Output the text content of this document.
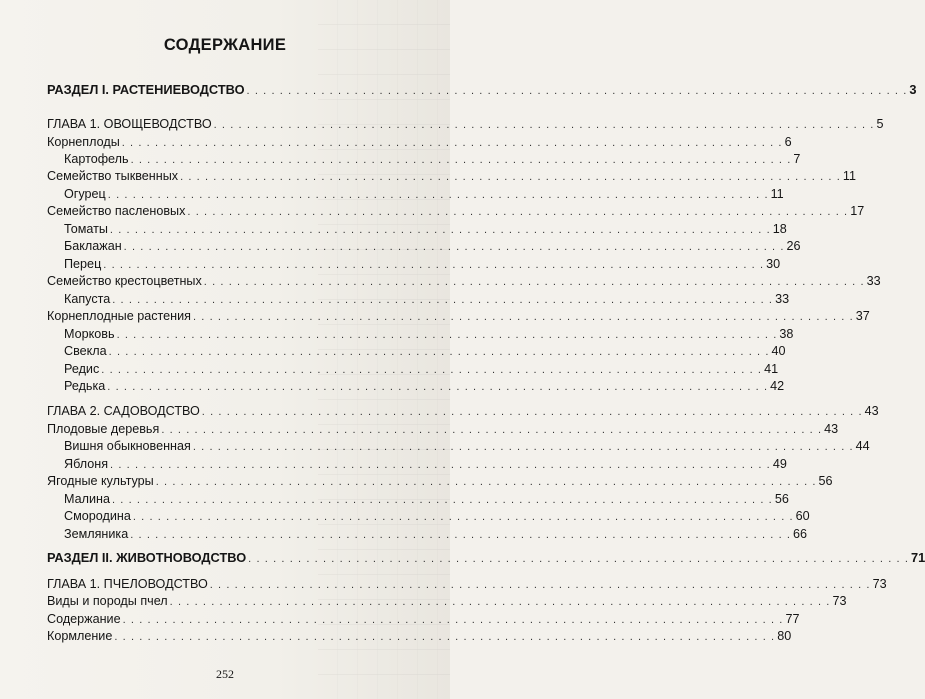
СОДЕРЖАНИЕ
РАЗДЕЛ I. РАСТЕНИЕВОДСТВО . . . . . . . . . . . . . . . . . . . . . . . . . . . . . . . . . . . . . . . . . . . . . . . . . . . . . . . . . . . . . . . . . . . . . . . . . . . . . . . . 3
ГЛАВА 1. ОВОЩЕВОДСТВО . . . . . . . . . . . . . . . . . . . . . . . . . . . . . . . . . . . . . . . . . . . . . . . . . . . . . . . . . . . . . . . . . . . . . . . . . . . . . . . . 5
Корнеплоды . . . . . . . . . . . . . . . . . . . . . . . . . . . . . . . . . . . . . . . . . . . . . . . . . . . . . . . . . . . . . . . . . . . . . . . . . . . . . . . . 6
Картофель . . . . . . . . . . . . . . . . . . . . . . . . . . . . . . . . . . . . . . . . . . . . . . . . . . . . . . . . . . . . . . . . . . . . . . . . . . . . . . . . 7
Семейство тыквенных . . . . . . . . . . . . . . . . . . . . . . . . . . . . . . . . . . . . . . . . . . . . . . . . . . . . . . . . . . . . . . . . . . . . . . . . . . . . . . . . 11
Огурец . . . . . . . . . . . . . . . . . . . . . . . . . . . . . . . . . . . . . . . . . . . . . . . . . . . . . . . . . . . . . . . . . . . . . . . . . . . . . . . . 11
Семейство пасленовых . . . . . . . . . . . . . . . . . . . . . . . . . . . . . . . . . . . . . . . . . . . . . . . . . . . . . . . . . . . . . . . . . . . . . . . . . . . . . . . . 17
Томаты . . . . . . . . . . . . . . . . . . . . . . . . . . . . . . . . . . . . . . . . . . . . . . . . . . . . . . . . . . . . . . . . . . . . . . . . . . . . . . . . 18
Баклажан . . . . . . . . . . . . . . . . . . . . . . . . . . . . . . . . . . . . . . . . . . . . . . . . . . . . . . . . . . . . . . . . . . . . . . . . . . . . . . . . 26
Перец . . . . . . . . . . . . . . . . . . . . . . . . . . . . . . . . . . . . . . . . . . . . . . . . . . . . . . . . . . . . . . . . . . . . . . . . . . . . . . . . 30
Семейство крестоцветных . . . . . . . . . . . . . . . . . . . . . . . . . . . . . . . . . . . . . . . . . . . . . . . . . . . . . . . . . . . . . . . . . . . . . . . . . . . . . . . . 33
Капуста . . . . . . . . . . . . . . . . . . . . . . . . . . . . . . . . . . . . . . . . . . . . . . . . . . . . . . . . . . . . . . . . . . . . . . . . . . . . . . . . 33
Корнеплодные растения . . . . . . . . . . . . . . . . . . . . . . . . . . . . . . . . . . . . . . . . . . . . . . . . . . . . . . . . . . . . . . . . . . . . . . . . . . . . . . . . 37
Морковь . . . . . . . . . . . . . . . . . . . . . . . . . . . . . . . . . . . . . . . . . . . . . . . . . . . . . . . . . . . . . . . . . . . . . . . . . . . . . . . . 38
Свекла . . . . . . . . . . . . . . . . . . . . . . . . . . . . . . . . . . . . . . . . . . . . . . . . . . . . . . . . . . . . . . . . . . . . . . . . . . . . . . . . 40
Редис . . . . . . . . . . . . . . . . . . . . . . . . . . . . . . . . . . . . . . . . . . . . . . . . . . . . . . . . . . . . . . . . . . . . . . . . . . . . . . . . 41
Редька . . . . . . . . . . . . . . . . . . . . . . . . . . . . . . . . . . . . . . . . . . . . . . . . . . . . . . . . . . . . . . . . . . . . . . . . . . . . . . . . 42
ГЛАВА 2. САДОВОДСТВО . . . . . . . . . . . . . . . . . . . . . . . . . . . . . . . . . . . . . . . . . . . . . . . . . . . . . . . . . . . . . . . . . . . . . . . . . . . . . . . . 43
Плодовые деревья . . . . . . . . . . . . . . . . . . . . . . . . . . . . . . . . . . . . . . . . . . . . . . . . . . . . . . . . . . . . . . . . . . . . . . . . . . . . . . . . 43
Вишня обыкновенная . . . . . . . . . . . . . . . . . . . . . . . . . . . . . . . . . . . . . . . . . . . . . . . . . . . . . . . . . . . . . . . . . . . . . . . . . . . . . . . . 44
Яблоня . . . . . . . . . . . . . . . . . . . . . . . . . . . . . . . . . . . . . . . . . . . . . . . . . . . . . . . . . . . . . . . . . . . . . . . . . . . . . . . . 49
Ягодные культуры . . . . . . . . . . . . . . . . . . . . . . . . . . . . . . . . . . . . . . . . . . . . . . . . . . . . . . . . . . . . . . . . . . . . . . . . . . . . . . . . 56
Малина . . . . . . . . . . . . . . . . . . . . . . . . . . . . . . . . . . . . . . . . . . . . . . . . . . . . . . . . . . . . . . . . . . . . . . . . . . . . . . . . 56
Смородина . . . . . . . . . . . . . . . . . . . . . . . . . . . . . . . . . . . . . . . . . . . . . . . . . . . . . . . . . . . . . . . . . . . . . . . . . . . . . . . . 60
Земляника . . . . . . . . . . . . . . . . . . . . . . . . . . . . . . . . . . . . . . . . . . . . . . . . . . . . . . . . . . . . . . . . . . . . . . . . . . . . . . . . 66
РАЗДЕЛ II. ЖИВОТНОВОДСТВО . . . . . . . . . . . . . . . . . . . . . . . . . . . . . . . . . . . . . . . . . . . . . . . . . . . . . . . . . . . . . . . . . . . . . . . . . . . . . . . . 71
ГЛАВА 1. ПЧЕЛОВОДСТВО . . . . . . . . . . . . . . . . . . . . . . . . . . . . . . . . . . . . . . . . . . . . . . . . . . . . . . . . . . . . . . . . . . . . . . . . . . . . . . . . 73
Виды и породы пчел . . . . . . . . . . . . . . . . . . . . . . . . . . . . . . . . . . . . . . . . . . . . . . . . . . . . . . . . . . . . . . . . . . . . . . . . . . . . . . . . 73
Содержание . . . . . . . . . . . . . . . . . . . . . . . . . . . . . . . . . . . . . . . . . . . . . . . . . . . . . . . . . . . . . . . . . . . . . . . . . . . . . . . . 77
Кормление . . . . . . . . . . . . . . . . . . . . . . . . . . . . . . . . . . . . . . . . . . . . . . . . . . . . . . . . . . . . . . . . . . . . . . . . . . . . . . . . 80
252
